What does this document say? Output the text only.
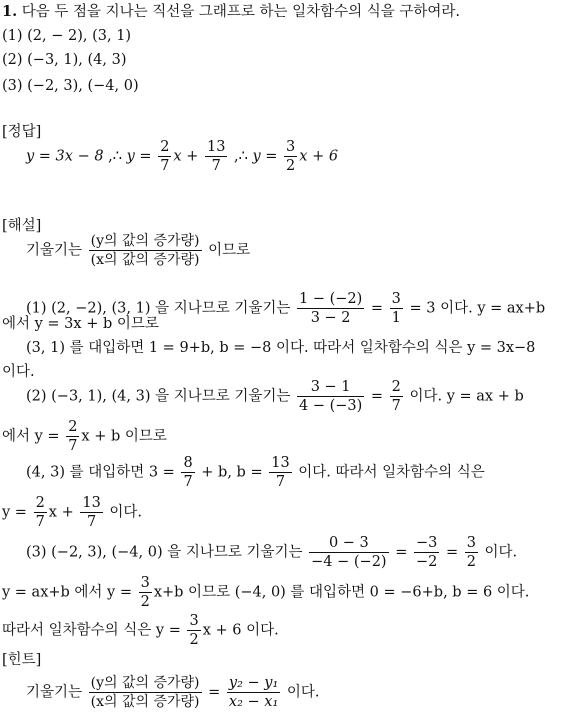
1. 다음 두 점을 지나는 직선을 그래프로 하는 일차함수의 식을 구하여라.
(1) (2, − 2), (3, 1)
(2) (−3, 1), (4, 3)
(3) (−2, 3), (−4, 0)
[정답]
y = 3x − 8 ,∴ $y = \frac{2}{7}$ $x + \frac{13}{7}$ ,∴ $y = \frac{3}{2}$ x + 6
[해설]
기울기는 $\frac{\text{(y의 값의 증가량)}}{\text{(x의 값의 증가량)}}$ 이므로
(1) (2, −2), (3, 1) 을 지나므로 기울기는 $\frac{1 - (-2)}{3 - 2} = \frac{3}{1} = 3$ 이다. y = ax+b
에서 y = 3x + b 이므로
(3, 1) 를 대입하면 1 = 9+b, b = −8 이다. 따라서 일차함수의 식은 y = 3x−8
이다.
(2) (−3, 1), (4, 3) 을 지나므로 기울기는 $\frac{3 - 1}{4 - (-3)} = \frac{2}{7}$ 이다. y = ax + b
에서 $y = \frac{2}{7}$ x + b 이므로
(4, 3) 를 대입하면 $3 = \frac{8}{7} + b$, $b = \frac{13}{7}$ 이다. 따라서 일차함수의 식은
$y = \frac{2}{7}$ $x + \frac{13}{7}$ 이다.
(3) (−2, 3), (−4, 0) 을 지나므로 기울기는 $\frac{0 - 3}{-4 - (-2)} = \frac{-3}{-2} = \frac{3}{2}$ 이다.
y = ax+b 에서 $y = \frac{3}{2} x+b$ 이므로 (−4, 0) 를 대입하면 0 = −6+b, b = 6 이다.
따라서 일차함수의 식은 $y = \frac{3}{2}$ x + 6 이다.
[힌트]
기울기는 $\frac{\text{(y의 값의 증가량)}}{\text{(x의 값의 증가량)}} = \frac{\text{y₂ − y₁}}{\text{x₂ − x₁}}$ 이다.
